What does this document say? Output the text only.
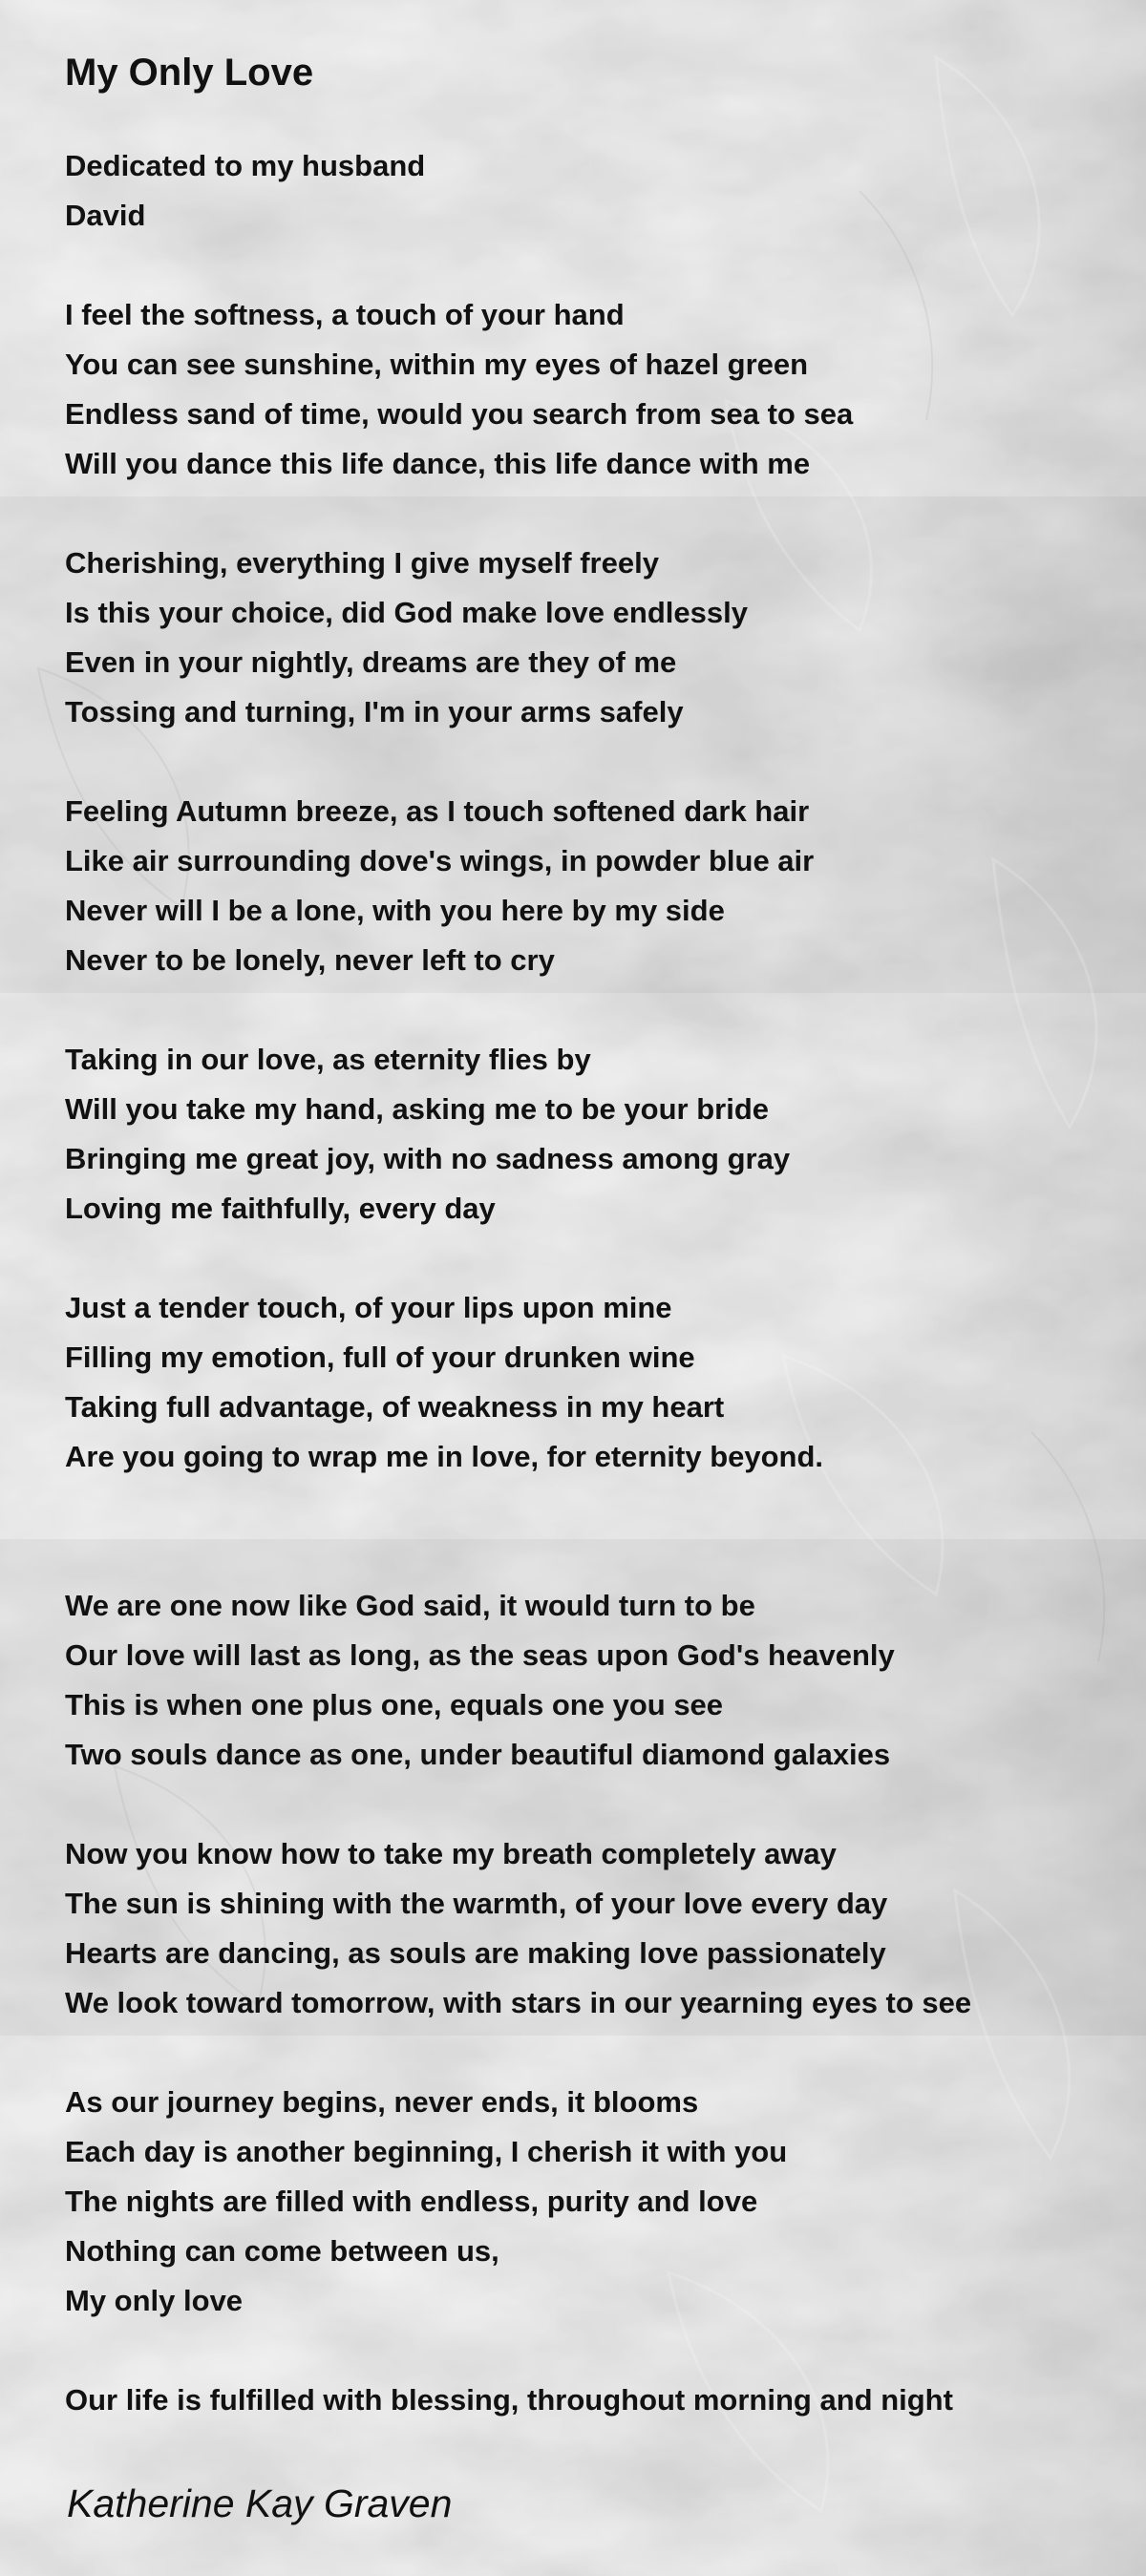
My Only Love
Dedicated to my husband
David
I feel the softness, a touch of your hand
You can see sunshine, within my eyes of hazel green
Endless sand of time, would you search from sea to sea
Will you dance this life dance, this life dance with me
Cherishing, everything I give myself freely
Is this your choice, did God make love endlessly
Even in your nightly, dreams are they of me
Tossing and turning, I'm in your arms safely
Feeling Autumn breeze, as I touch softened dark hair
Like air surrounding dove's wings, in powder blue air
Never will I be a lone, with you here by my side
Never to be lonely, never left to cry
Taking in our love, as eternity flies by
Will you take my hand, asking me to be your bride
Bringing me great joy, with no sadness among gray
Loving me faithfully, every day
Just a tender touch, of your lips upon mine
Filling my emotion, full of your drunken wine
Taking full advantage, of weakness in my heart
Are you going to wrap me in love, for eternity beyond.
We are one now like God said, it would turn to be
Our love will last as long, as the seas upon God's heavenly
This is when one plus one, equals one you see
Two souls dance as one, under beautiful diamond galaxies
Now you know how to take my breath completely away
The sun is shining with the warmth, of your love every day
Hearts are dancing, as souls are making love passionately
We look toward tomorrow, with stars in our yearning eyes to see
As our journey begins, never ends, it blooms
Each day is another beginning, I cherish it with you
The nights are filled with endless, purity and love
Nothing can come between us,
My only love
Our life is fulfilled with blessing, throughout morning and night
Katherine Kay Graven
